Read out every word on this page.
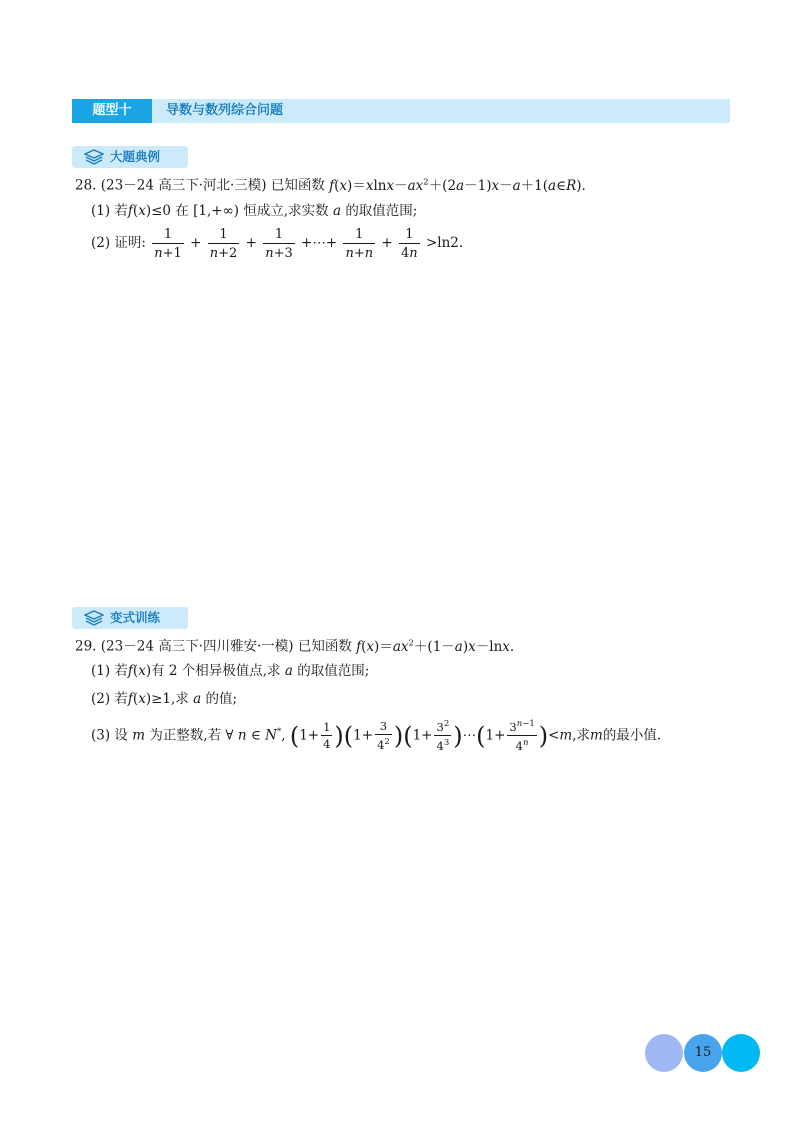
题型十	导数与数列综合问题
大题典例
28. (23－24 高三下·河北·三模) 已知函数 $f(x)=xlnx-ax^2+(2a-1)x-a+1(a\in R)$.
(1) 若f(x)≤0 在 [1,+∞) 恒成立,求实数 a 的取值范围;
(2) 证明: $\frac{1}{n+1} + \frac{1}{n+2} + \frac{1}{n+3}$ +⋯+ $\frac{1}{n+n} + \frac{1}{4n} >\ln 2$.
变式训练
29. (23－24 高三下·四川雅安·一模) 已知函数 $f(x)=ax^2+(1-a)x-\ln x$.
(1) 若f(x)有 2 个相异极值点,求 a 的取值范围;
(2) 若f(x)≥1,求 a 的值;
(3) 设 m 为正整数,若 ∀ n ∈ N*, $(1+ \frac{1}{4} )(1+ \frac{3}{4^2} )(1+ \frac{3^2}{4^3}$ )⋯(1+ $\frac{3^{n-1}}{4^n} )<m$,求m的最小值.
15
